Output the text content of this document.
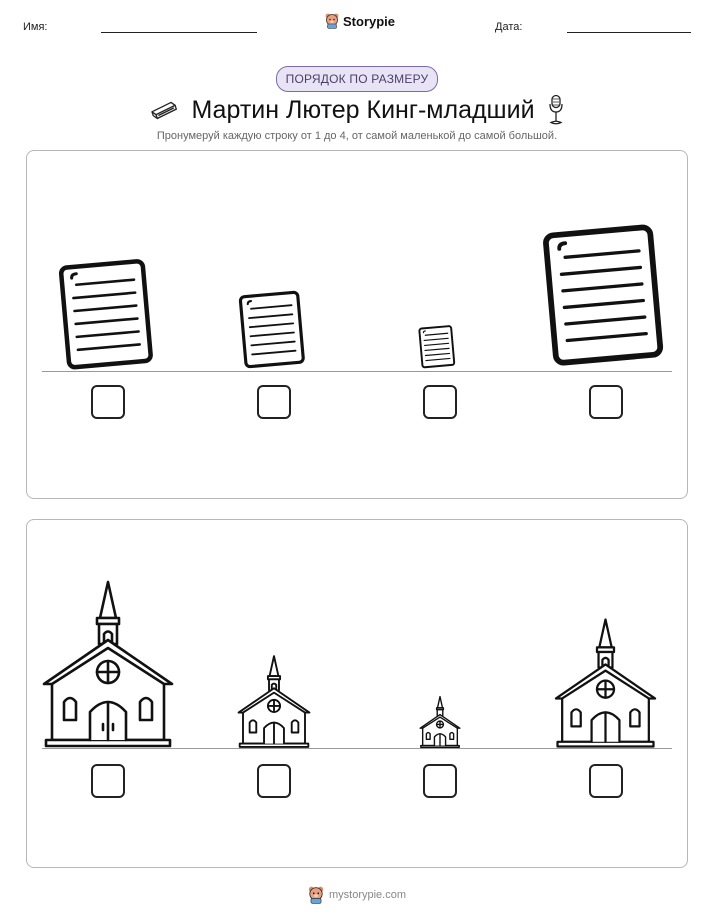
Имя:	Storypie	Дата:
ПОРЯДОК ПО РАЗМЕРУ
Мартин Лютер Кинг-младший
Пронумеруй каждую строку от 1 до 4, от самой маленькой до самой большой.
mystorypie.com
